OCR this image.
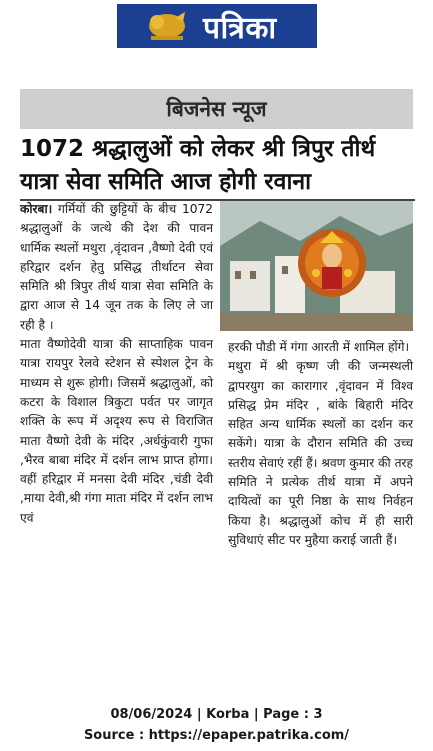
पत्रिका
बिजनेस न्यूज
1072 श्रद्धालुओं को लेकर श्री त्रिपुर तीर्थ यात्रा सेवा समिति आज होगी रवाना

कोरबा। गर्मियों की छुट्टियों के बीच 1072 श्रद्धालुओं के जत्थे की देश की पावन धार्मिक स्थलों मथुरा ,वृंदावन ,वैष्णो देवी एवं हरिद्वार दर्शन हेतु प्रसिद्ध तीर्थाटन सेवा समिति श्री त्रिपुर तीर्थ यात्रा सेवा समिति के द्वारा आज से 14 जून तक के लिए ले जा रही है ।

माता वैष्णोदेवी यात्रा की साप्ताहिक पावन यात्रा रायपुर रेलवे स्टेशन से स्पेशल ट्रेन के माध्यम से शुरू होगी। जिसमें श्रद्धालुओं, को कटरा के विशाल त्रिकुटा पर्वत पर जागृत शक्ति के रूप में अदृश्य रूप से विराजित माता वैष्णो देवी के मंदिर ,अर्धकुंवारी गुफा ,भैरव बाबा मंदिर में दर्शन लाभ प्राप्त होगा। वहीं हरिद्वार में मनसा देवी मंदिर ,चंडी देवी ,माया देवी,श्री गंगा माता मंदिर में दर्शन लाभ एवं

हरकी पौडी में गंगा आरती में शामिल होंगे।

मथुरा में श्री कृष्ण जी की जन्मस्थली द्वापरयुग का कारागार ,वृंदावन में विश्व प्रसिद्ध प्रेम मंदिर , बांके बिहारी मंदिर सहित अन्य धार्मिक स्थलों का दर्शन कर सकेंगे। यात्रा के दौरान समिति की उच्च स्तरीय सेवाएं रहीं हैं। श्रवण कुमार की तरह समिति ने प्रत्येक तीर्थ यात्रा में अपने दायित्वों का पूरी निष्ठा के साथ निर्वहन किया है। श्रद्धालुओं कोच में ही सारी सुविधाएं सीट पर मुहैया कराई जाती हैं।

08/06/2024 | Korba | Page : 3
Source : https://epaper.patrika.com/
